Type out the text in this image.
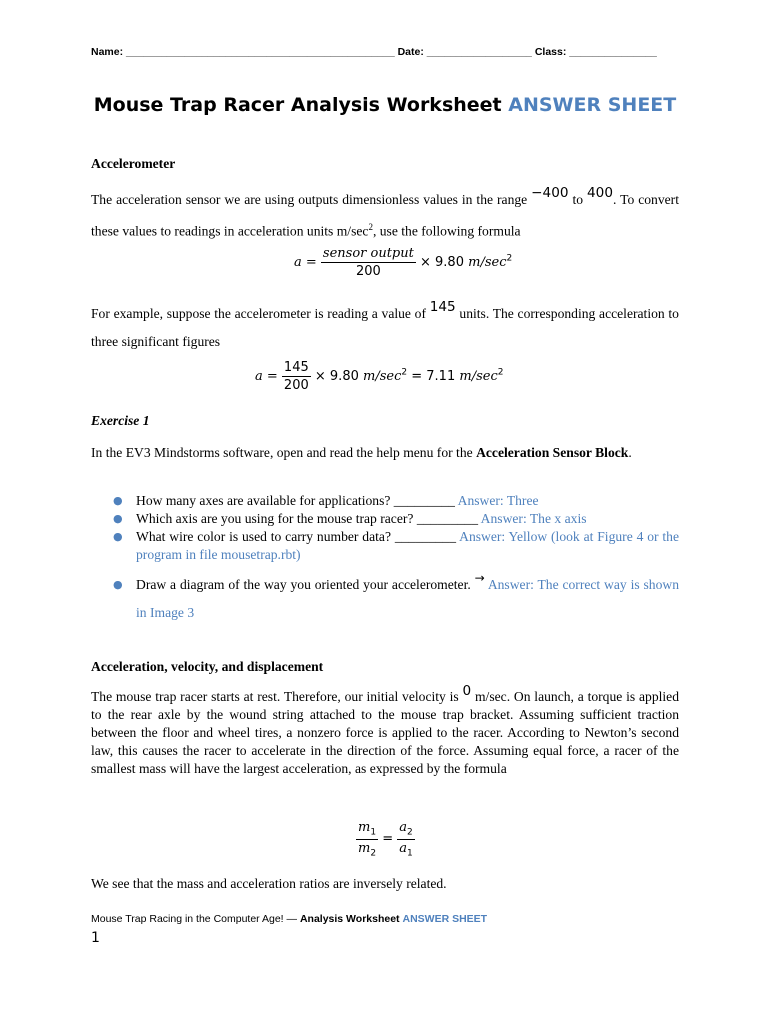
Name: ______________________________________________ Date: __________________ Class: _______________
Mouse Trap Racer Analysis Worksheet ANSWER SHEET
Accelerometer
The acceleration sensor we are using outputs dimensionless values in the range −400 to 400. To convert these values to readings in acceleration units $m/\sec^2$, use the following formula
$a = \frac{\text{sensor output}}{200} \times 9.80$ $m/\sec^2$
For example, suppose the accelerometer is reading a value of 145 units. The corresponding acceleration to three significant figures
$a = \frac{145}{200} \times 9.80$ $m/\sec^2 = 7.11$ $m/\sec^2$
Exercise 1
In the EV3 Mindstorms software, open and read the help menu for the Acceleration Sensor Block.
● How many axes are available for applications? _________ Answer: Three
● Which axis are you using for the mouse trap racer? _________ Answer: The x axis
● What wire color is used to carry number data? _________ Answer: Yellow (look at Figure 4 or the program in file mousetrap.rbt)
● Draw a diagram of the way you oriented your accelerometer. → Answer: The correct way is shown in Image 3
Acceleration, velocity, and displacement
The mouse trap racer starts at rest. Therefore, our initial velocity is 0 m/sec. On launch, a torque is applied to the rear axle by the wound string attached to the mouse trap bracket. Assuming sufficient traction between the floor and wheel tires, a nonzero force is applied to the racer. According to Newton’s second law, this causes the racer to accelerate in the direction of the force. Assuming equal force, a racer of the smallest mass will have the largest acceleration, as expressed by the formula
$\frac{m_1}{m_2} = \frac{a_2}{a_1}$
We see that the mass and acceleration ratios are inversely related.
Mouse Trap Racing in the Computer Age! — Analysis Worksheet ANSWER SHEET
1
